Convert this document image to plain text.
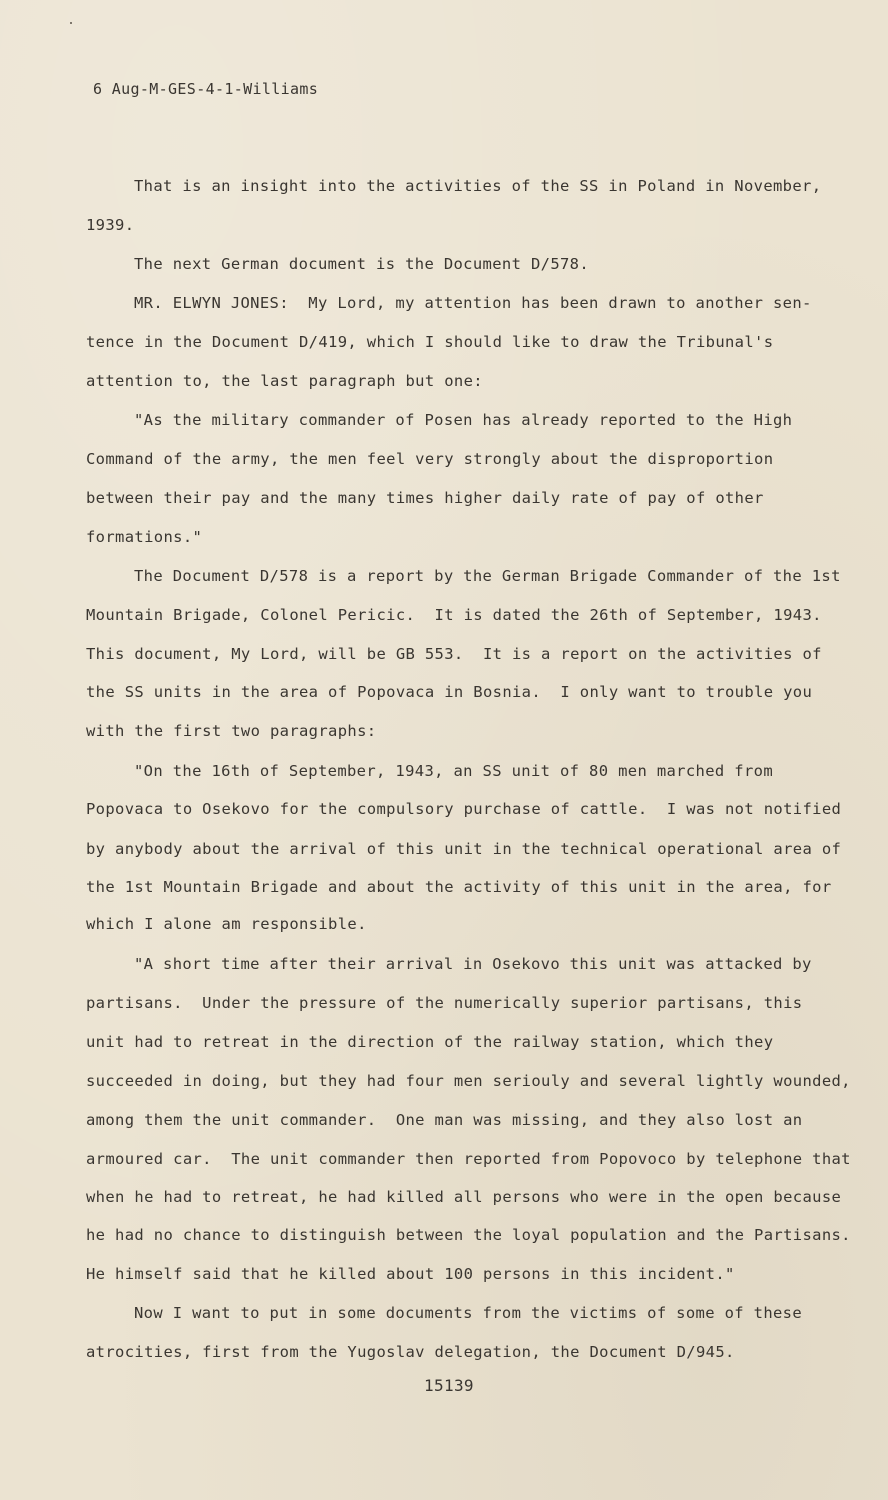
6 Aug-M-GES-4-1-Williams
That is an insight into the activities of the SS in Poland in November,
1939.
The next German document is the Document D/578.
MR. ELWYN JONES:  My Lord, my attention has been drawn to another sen-
tence in the Document D/419, which I should like to draw the Tribunal's
attention to, the last paragraph but one:
"As the military commander of Posen has already reported to the High
Command of the army, the men feel very strongly about the disproportion
between their pay and the many times higher daily rate of pay of other
formations."
The Document D/578 is a report by the German Brigade Commander of the 1st
Mountain Brigade, Colonel Pericic.  It is dated the 26th of September, 1943.
This document, My Lord, will be GB 553.  It is a report on the activities of
the SS units in the area of Popovaca in Bosnia.  I only want to trouble you
with the first two paragraphs:
"On the 16th of September, 1943, an SS unit of 80 men marched from
Popovaca to Osekovo for the compulsory purchase of cattle.  I was not notified
by anybody about the arrival of this unit in the technical operational area of
the 1st Mountain Brigade and about the activity of this unit in the area, for
which I alone am responsible.
"A short time after their arrival in Osekovo this unit was attacked by
partisans.  Under the pressure of the numerically superior partisans, this
unit had to retreat in the direction of the railway station, which they
succeeded in doing, but they had four men seriouly and several lightly wounded,
among them the unit commander.  One man was missing, and they also lost an
armoured car.  The unit commander then reported from Popovoco by telephone that
when he had to retreat, he had killed all persons who were in the open because
he had no chance to distinguish between the loyal population and the Partisans.
He himself said that he killed about 100 persons in this incident."
Now I want to put in some documents from the victims of some of these
atrocities, first from the Yugoslav delegation, the Document D/945.
15139
